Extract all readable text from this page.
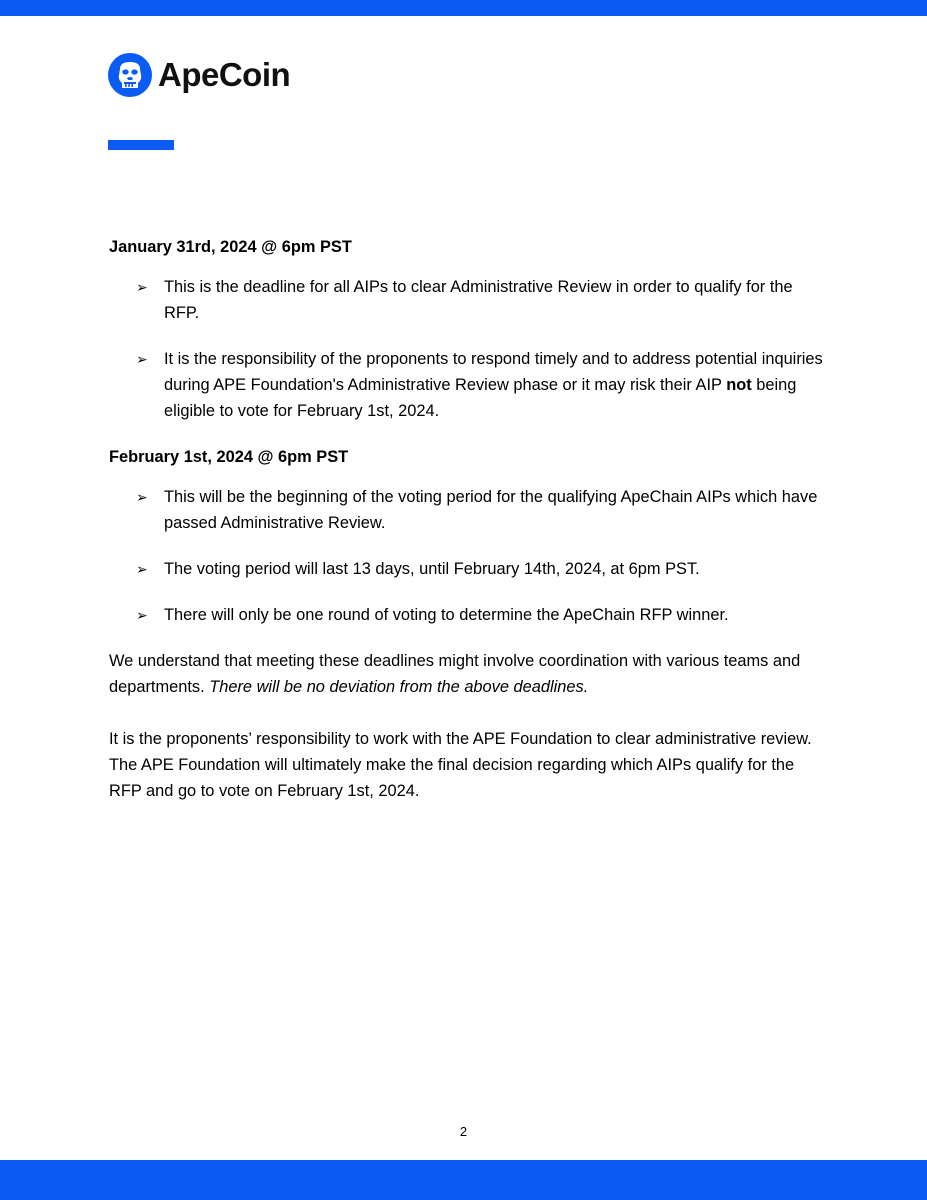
ApeCoin

January 31rd, 2024 @ 6pm PST

➢ This is the deadline for all AIPs to clear Administrative Review in order to qualify for the RFP.
➢ It is the responsibility of the proponents to respond timely and to address potential inquiries during APE Foundation's Administrative Review phase or it may risk their AIP not being eligible to vote for February 1st, 2024.

February 1st, 2024 @ 6pm PST

➢ This will be the beginning of the voting period for the qualifying ApeChain AIPs which have passed Administrative Review.
➢ The voting period will last 13 days, until February 14th, 2024, at 6pm PST.
➢ There will only be one round of voting to determine the ApeChain RFP winner.

We understand that meeting these deadlines might involve coordination with various teams and departments. There will be no deviation from the above deadlines.

It is the proponents’ responsibility to work with the APE Foundation to clear administrative review. The APE Foundation will ultimately make the final decision regarding which AIPs qualify for the RFP and go to vote on February 1st, 2024.

2
